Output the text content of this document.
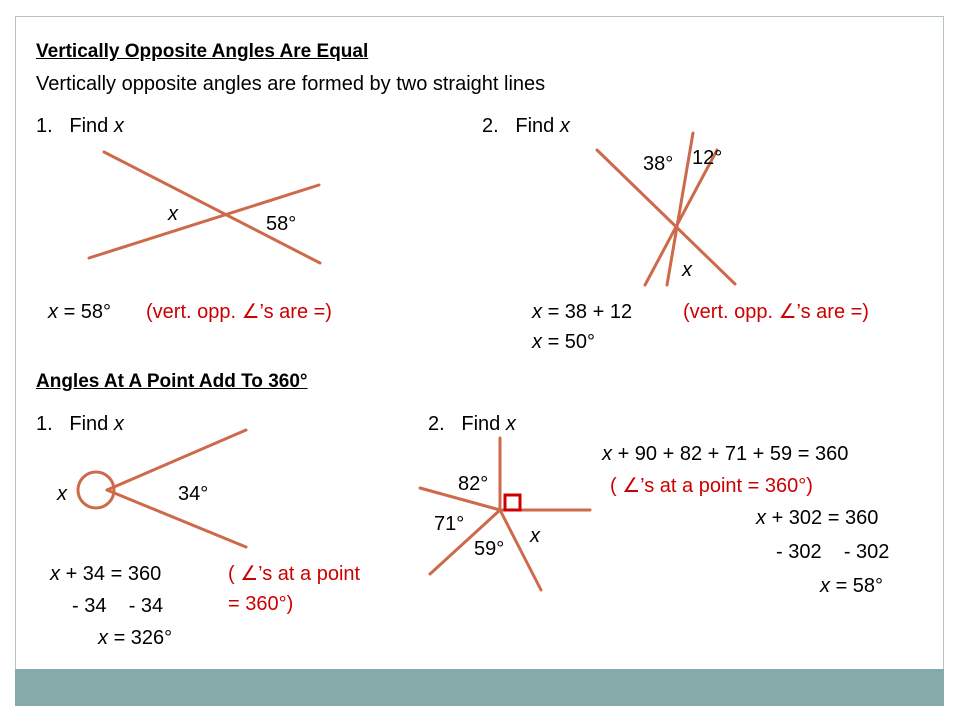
Vertically Opposite Angles Are Equal
Vertically opposite angles are formed by two straight lines
1. Find x	2. Find x
x	58°
x = 58° (vert. opp. ∠’s are =)
38° 12°
x
x = 38 + 12	(vert. opp. ∠’s are =)
x = 50°
Angles At A Point Add To 360°
1. Find x
x	34°
x + 34 = 360
- 34    - 34
x = 326°
( ∠’s at a point
= 360°)
2. Find x
82°
71°
59°
x
x + 90 + 82 + 71 + 59 = 360
( ∠’s at a point = 360°)
x + 302 = 360
- 302    - 302
x = 58°
